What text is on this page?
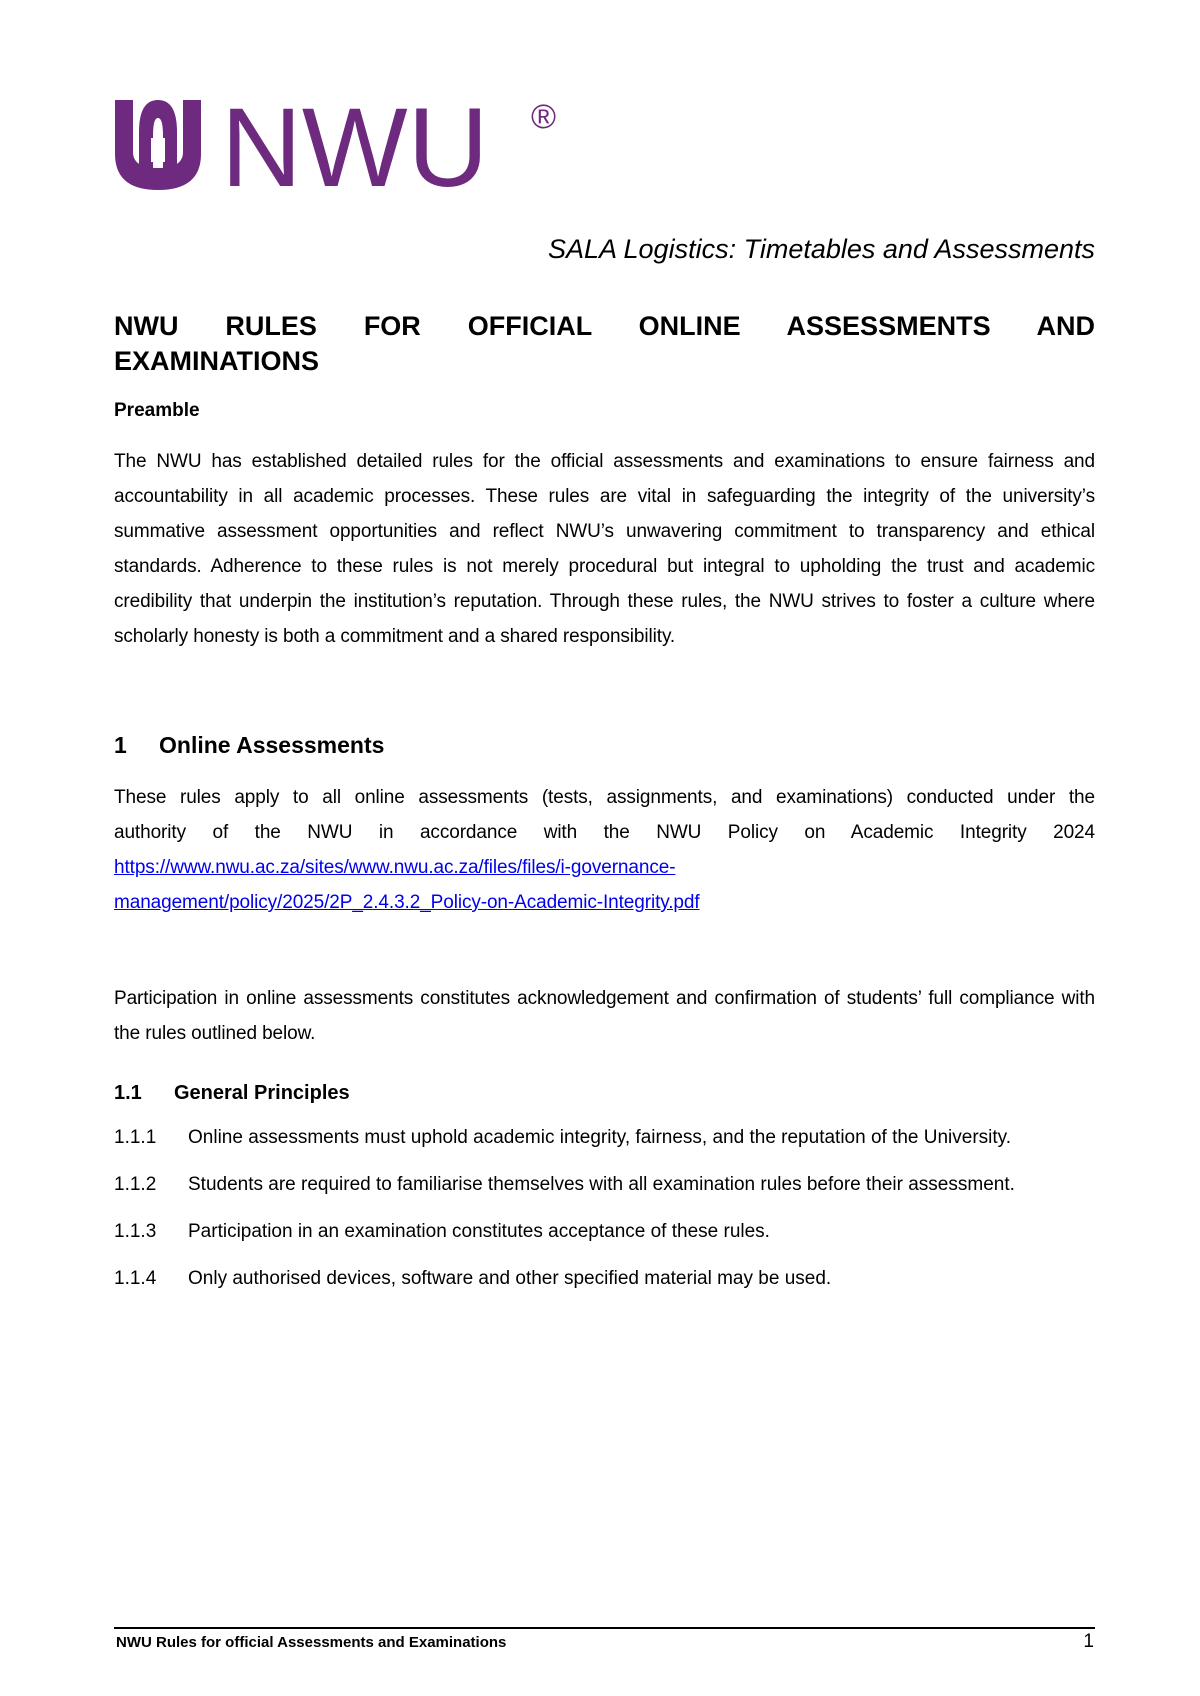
NWU ®

SALA Logistics: Timetables and Assessments

NWU RULES FOR OFFICIAL ONLINE ASSESSMENTS AND
EXAMINATIONS
Preamble

The NWU has established detailed rules for the official assessments and examinations to ensure fairness and accountability in all academic processes. These rules are vital in safeguarding the integrity of the university’s summative assessment opportunities and reflect NWU’s unwavering commitment to transparency and ethical standards. Adherence to these rules is not merely procedural but integral to upholding the trust and academic credibility that underpin the institution’s reputation. Through these rules, the NWU strives to foster a culture where scholarly honesty is both a commitment and a shared responsibility.

1 Online Assessments
These rules apply to all online assessments (tests, assignments, and examinations) conducted under the
authority of the NWU in accordance with the NWU Policy on Academic Integrity 2024
https://www.nwu.ac.za/sites/www.nwu.ac.za/files/files/i-governance-
management/policy/2025/2P_2.4.3.2_Policy-on-Academic-Integrity.pdf

Participation in online assessments constitutes acknowledgement and confirmation of students’ full compliance with the rules outlined below.

1.1 General Principles
1.1.1	Online assessments must uphold academic integrity, fairness, and the reputation of the University.
1.1.2	Students are required to familiarise themselves with all examination rules before their assessment.
1.1.3	Participation in an examination constitutes acceptance of these rules.
1.1.4	Only authorised devices, software and other specified material may be used.
NWU Rules for official Assessments and Examinations	1
